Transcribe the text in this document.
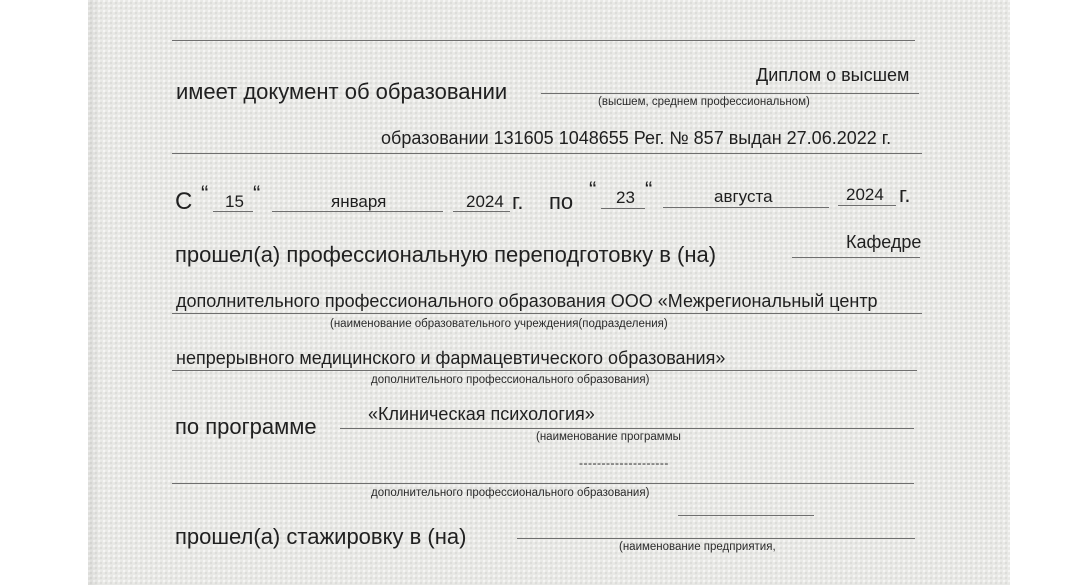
имеет документ об образовании
Диплом о высшем
(высшем, среднем профессиональном)
образовании 131605 1048655 Рег. № 857 выдан 27.06.2022 г.
С “ 15 “	января	2024 г. по “ 23 “	августа	2024 г.
прошел(а) профессиональную переподготовку в (на)	Кафедре
дополнительного профессионального образования ООО «Межрегиональный центр
(наименование образовательного учреждения(подразделения)
непрерывного медицинского и фармацевтического образования»
дополнительного профессионального образования)
по программе	«Клиническая психология»
(наименование программы
--------------------
дополнительного профессионального образования)
прошел(а) стажировку в (на)	(наименование предприятия,
